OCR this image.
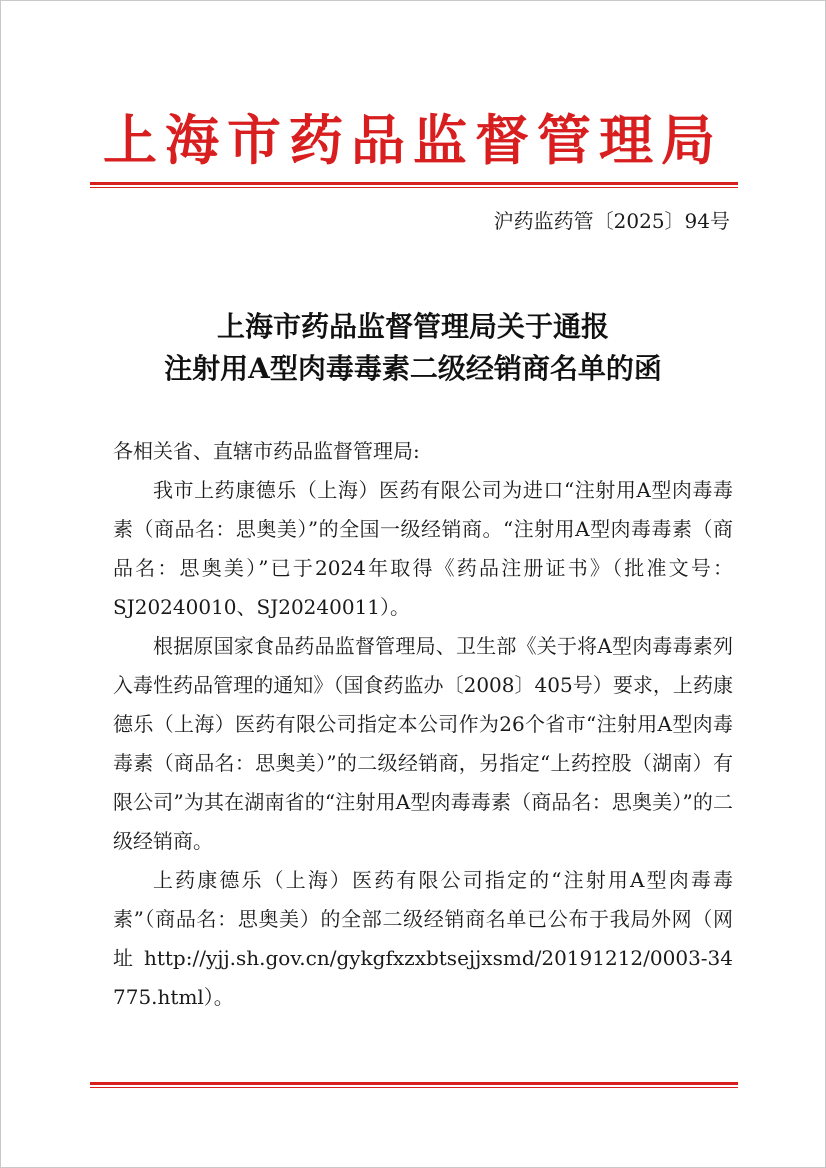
上海市药品监督管理局
沪药监药管〔2025〕94号
上海市药品监督管理局关于通报
注射用A型肉毒毒素二级经销商名单的函

各相关省、直辖市药品监督管理局:

我市上药康德乐（上海）医药有限公司为进口“注射用A型肉毒毒素（商品名：思奥美）”的全国一级经销商。“注射用A型肉毒毒素（商品名：思奥美）”已于2024年取得《药品注册证书》（批准文号：SJ20240010、SJ20240011）。

根据原国家食品药品监督管理局、卫生部《关于将A型肉毒毒素列入毒性药品管理的通知》（国食药监办〔2008〕405号）要求，上药康德乐（上海）医药有限公司指定本公司作为26个省市“注射用A型肉毒毒素（商品名：思奥美）”的二级经销商，另指定“上药控股（湖南）有限公司”为其在湖南省的“注射用A型肉毒毒素（商品名：思奥美）”的二级经销商。

上药康德乐（上海）医药有限公司指定的“注射用A型肉毒毒素”（商品名：思奥美）的全部二级经销商名单已公布于我局外网（网址 http://yjj.sh.gov.cn/gykgfxzxbtsejjxsmd/20191212/0003-34775.html）。
